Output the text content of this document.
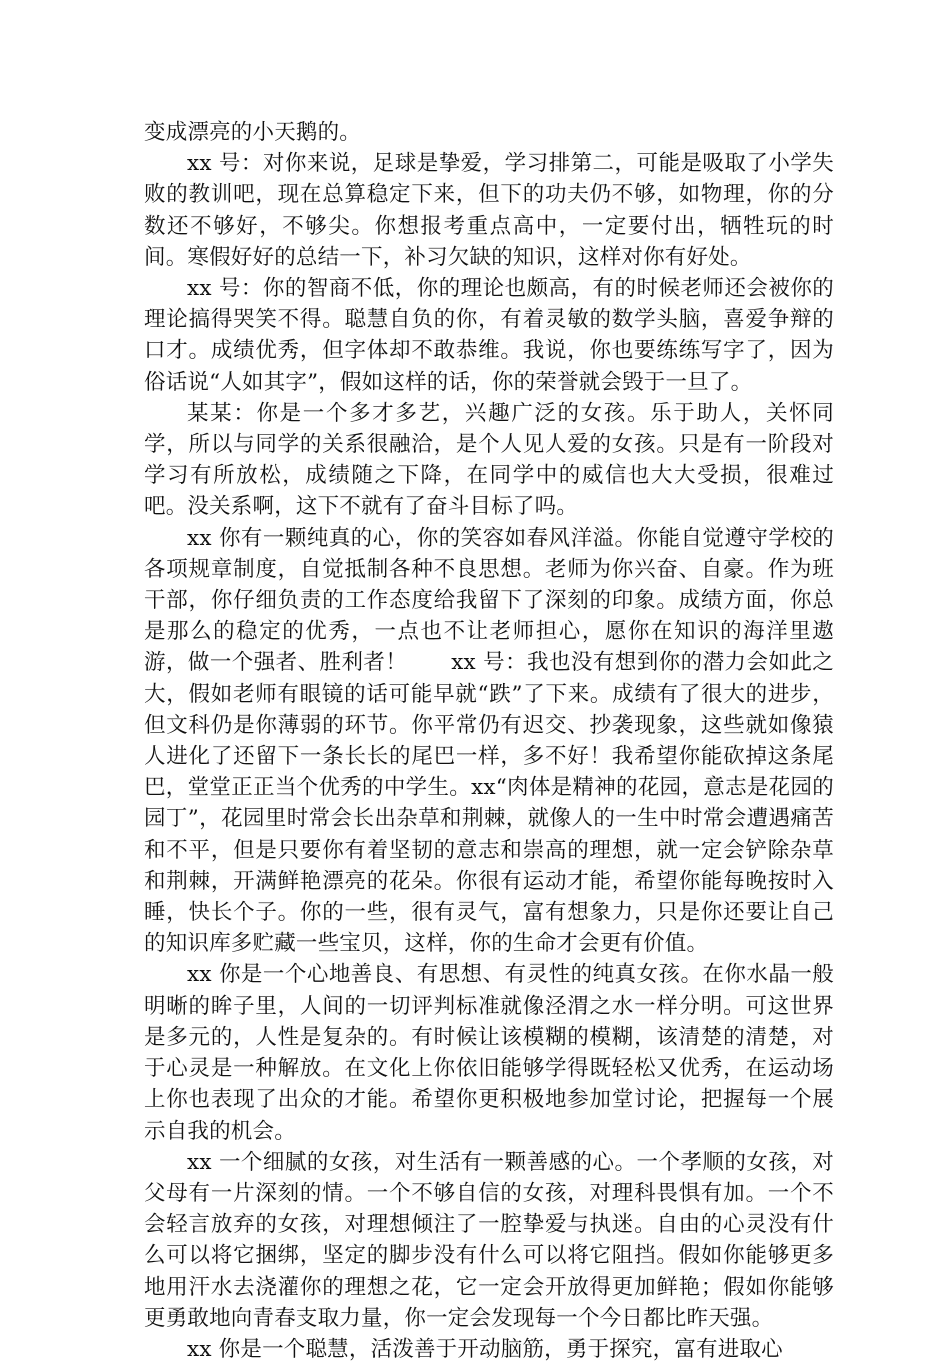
变成漂亮的小天鹅的。

xx 号：对你来说，足球是挚爱，学习排第二，可能是吸取了小学失败的教训吧，现在总算稳定下来，但下的功夫仍不够，如物理，你的分数还不够好，不够尖。你想报考重点高中，一定要付出，牺牲玩的时间。寒假好好的总结一下，补习欠缺的知识，这样对你有好处。

xx 号：你的智商不低，你的理论也颇高，有的时候老师还会被你的理论搞得哭笑不得。聪慧自负的你，有着灵敏的数学头脑，喜爱争辩的口才。成绩优秀，但字体却不敢恭维。我说，你也要练练写字了，因为俗话说“人如其字”，假如这样的话，你的荣誉就会毁于一旦了。

某某：你是一个多才多艺，兴趣广泛的女孩。乐于助人，关怀同学，所以与同学的关系很融洽，是个人见人爱的女孩。只是有一阶段对学习有所放松，成绩随之下降，在同学中的威信也大大受损，很难过吧。没关系啊，这下不就有了奋斗目标了吗。

xx 你有一颗纯真的心，你的笑容如春风洋溢。你能自觉遵守学校的各项规章制度，自觉抵制各种不良思想。老师为你兴奋、自豪。作为班干部，你仔细负责的工作态度给我留下了深刻的印象。成绩方面，你总是那么的稳定的优秀，一点也不让老师担心，愿你在知识的海洋里遨游，做一个强者、胜利者！　　xx 号：我也没有想到你的潜力会如此之大，假如老师有眼镜的话可能早就“跌”了下来。成绩有了很大的进步，但文科仍是你薄弱的环节。你平常仍有迟交、抄袭现象，这些就如像猿人进化了还留下一条长长的尾巴一样，多不好！我希望你能砍掉这条尾巴，堂堂正正当个优秀的中学生。xx“肉体是精神的花园，意志是花园的园丁”，花园里时常会长出杂草和荆棘，就像人的一生中时常会遭遇痛苦和不平，但是只要你有着坚韧的意志和崇高的理想，就一定会铲除杂草和荆棘，开满鲜艳漂亮的花朵。你很有运动才能，希望你能每晚按时入睡，快长个子。你的一些，很有灵气，富有想象力，只是你还要让自己的知识库多贮藏一些宝贝，这样，你的生命才会更有价值。

xx 你是一个心地善良、有思想、有灵性的纯真女孩。在你水晶一般明晰的眸子里，人间的一切评判标准就像泾渭之水一样分明。可这世界是多元的，人性是复杂的。有时候让该模糊的模糊，该清楚的清楚，对于心灵是一种解放。在文化上你依旧能够学得既轻松又优秀，在运动场上你也表现了出众的才能。希望你更积极地参加堂讨论，把握每一个展示自我的机会。

xx 一个细腻的女孩，对生活有一颗善感的心。一个孝顺的女孩，对父母有一片深刻的情。一个不够自信的女孩，对理科畏惧有加。一个不会轻言放弃的女孩，对理想倾注了一腔挚爱与执迷。自由的心灵没有什么可以将它捆绑，坚定的脚步没有什么可以将它阻挡。假如你能够更多地用汗水去浇灌你的理想之花，它一定会开放得更加鲜艳；假如你能够更勇敢地向青春支取力量，你一定会发现每一个今日都比昨天强。

xx 你是一个聪慧，活泼善于开动脑筋，勇于探究，富有进取心
